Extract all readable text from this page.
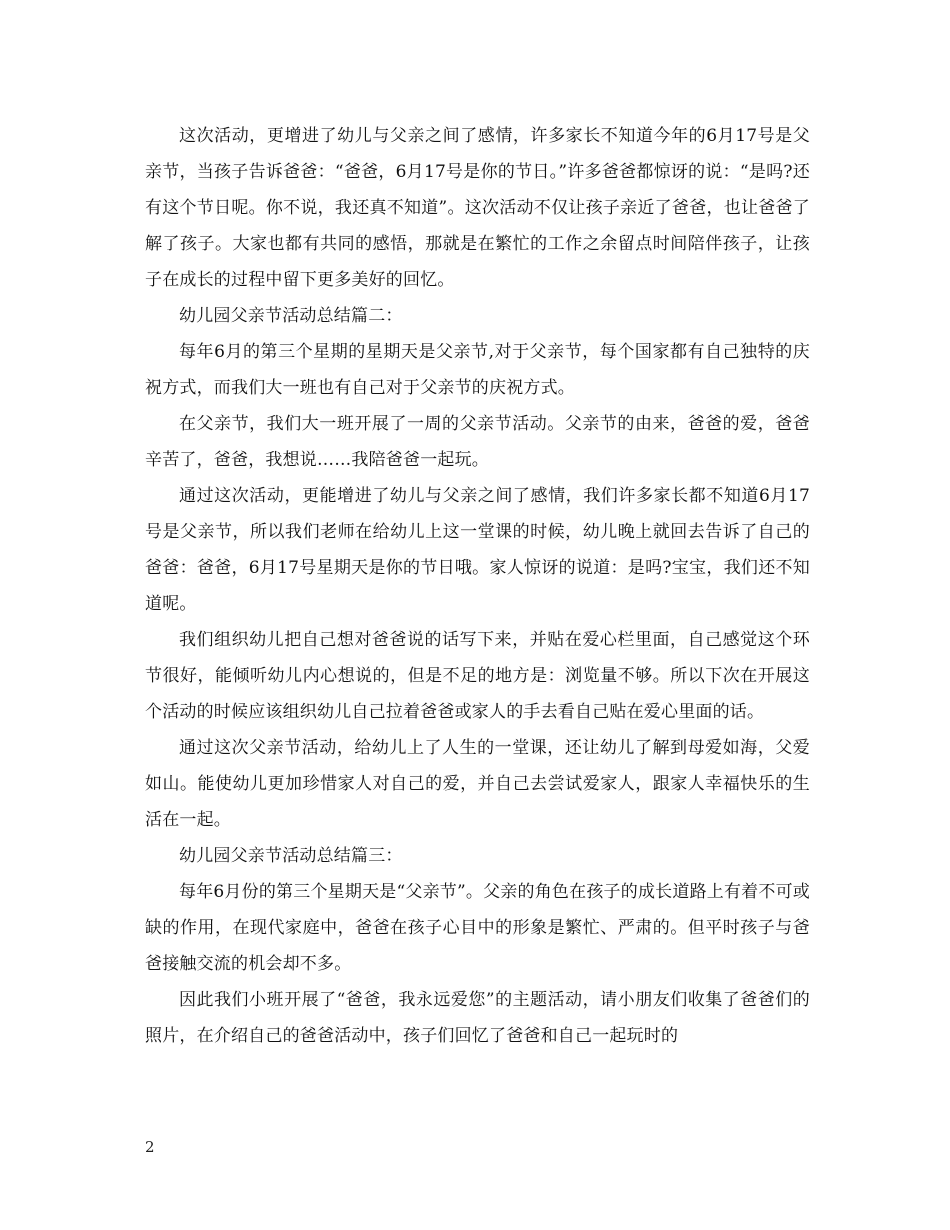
这次活动，更增进了幼儿与父亲之间了感情，许多家长不知道今年的6月17号是父亲节，当孩子告诉爸爸：“爸爸，6月17号是你的节日。”许多爸爸都惊讶的说：“是吗?还有这个节日呢。你不说，我还真不知道”。这次活动不仅让孩子亲近了爸爸，也让爸爸了解了孩子。大家也都有共同的感悟，那就是在繁忙的工作之余留点时间陪伴孩子，让孩子在成长的过程中留下更多美好的回忆。

幼儿园父亲节活动总结篇二：

每年6月的第三个星期的星期天是父亲节,对于父亲节，每个国家都有自己独特的庆祝方式，而我们大一班也有自己对于父亲节的庆祝方式。

在父亲节，我们大一班开展了一周的父亲节活动。父亲节的由来，爸爸的爱，爸爸辛苦了，爸爸，我想说……我陪爸爸一起玩。

通过这次活动，更能增进了幼儿与父亲之间了感情，我们许多家长都不知道6月17号是父亲节，所以我们老师在给幼儿上这一堂课的时候，幼儿晚上就回去告诉了自己的爸爸：爸爸，6月17号星期天是你的节日哦。家人惊讶的说道：是吗?宝宝，我们还不知道呢。

我们组织幼儿把自己想对爸爸说的话写下来，并贴在爱心栏里面，自己感觉这个环节很好，能倾听幼儿内心想说的，但是不足的地方是：浏览量不够。所以下次在开展这个活动的时候应该组织幼儿自己拉着爸爸或家人的手去看自己贴在爱心里面的话。

通过这次父亲节活动，给幼儿上了人生的一堂课，还让幼儿了解到母爱如海，父爱如山。能使幼儿更加珍惜家人对自己的爱，并自己去尝试爱家人，跟家人幸福快乐的生活在一起。

幼儿园父亲节活动总结篇三：

每年6月份的第三个星期天是“父亲节”。父亲的角色在孩子的成长道路上有着不可或缺的作用，在现代家庭中，爸爸在孩子心目中的形象是繁忙、严肃的。但平时孩子与爸爸接触交流的机会却不多。

因此我们小班开展了“爸爸，我永远爱您”的主题活动，请小朋友们收集了爸爸们的照片，在介绍自己的爸爸活动中，孩子们回忆了爸爸和自己一起玩时的

2
